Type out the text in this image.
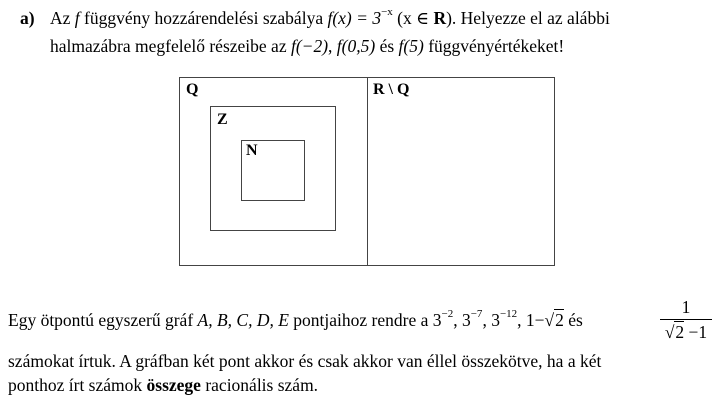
a) Az f függvény hozzárendelési szabálya $f(x) = 3^{-x}$ (x ∈ R). Helyezze el az alábbi
halmazábra megfelelő részeibe az f(−2), f(0,5) és f(5) függvényértékeket!
Q	R \ Q
Z
N
Egy ötpontú egyszerű gráf A, B, C, D, E pontjaihoz rendre a $3^{-2}$, $3^{-7}$, $3^{-12}$, 1−√2 és
1
√2 −1
számokat írtuk. A gráfban két pont akkor és csak akkor van éllel összekötve, ha a két
ponthoz írt számok összege racionális szám.
